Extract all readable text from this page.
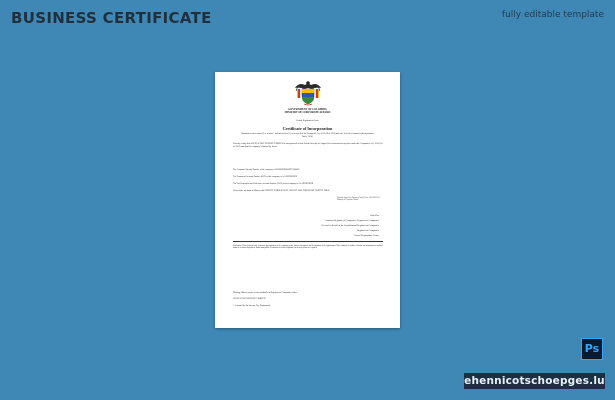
BUSINESS CERTIFICATE	fully editable template
GOVERNMENT OF COLOMBIA
MINISTRY OF CORPORATE AFFAIRS
Central Registration Centre
Certificate of Incorporation
[Pursuant to sub-section (2) of section 7 and sub-section (1) of section 8 of the Companies Act, 2013 (18 of 2013) and rule 18 of the Companies (Incorporation) Rules, 2014]
I hereby certify that LOCK SCOUT PRIVATE LIMITED is incorporated on this Fourth first day of August Five thousand twenty three under the Companies Act, 2013 (18 of 2013) and that the company is limited by shares.
The Corporate Identity Number of the company is U00000XX0000PTC000000
The Permanent Account Number (PAN) of the company is AAAXXXXXXX
The Tax Deduction and Collection Account Number (TAN) of the company is AAAXXXXXXX
Given under my hand at Manesar this TWENTY THIRD DAY OF AUGUST TWO THOUSAND TWENTY FOUR
Digitally signed by [Signatory Name] Date: 2023.08.23 DS Ministry of Corporate Affairs
John Doe
Assistant Registrar of Companies/ Registrar of Companies
For and on behalf of the Jurisdictional Registrar of Companies
Registrar of Companies
Central Registration Centre
Disclaimer: This certificate only evidences incorporation of the company on the basis of documents and declarations of the applicant(s). This certificate is neither a license nor permission to conduct business or solicit deposits or funds from public. Permission of sector regulator is necessary wherever required.
Mailing Address as per record available in Registrar of Companies office:
LOCK SCOUT PRIVATE LIMITED
* as issued by the Income Tax Department
Ps
ehennicotschoepges.lu
